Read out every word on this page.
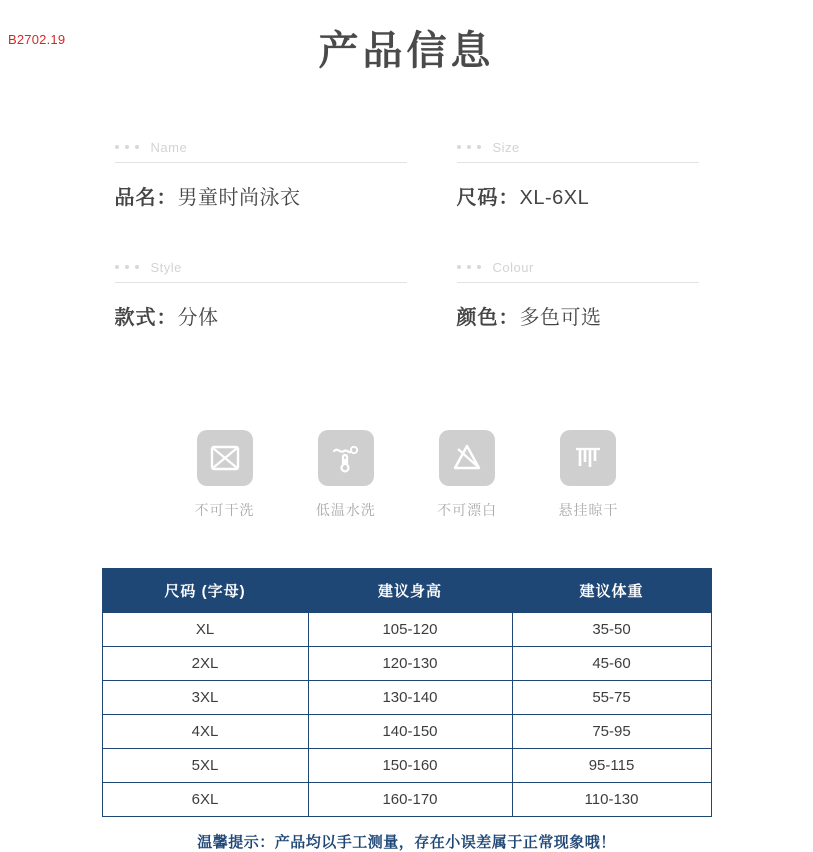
B2702.19	产品信息
Name
品名：男童时尚泳衣
Size
尺码：XL-6XL
Style
款式：分体
Colour
颜色：多色可选
不可干洗	低温水洗	不可漂白	悬挂晾干
尺码 (字母)	建议身高	建议体重
XL	105-120	35-50
2XL	120-130	45-60
3XL	130-140	55-75
4XL	140-150	75-95
5XL	150-160	95-115
6XL	160-170	110-130
温馨提示：产品均以手工测量，存在小误差属于正常现象哦！
